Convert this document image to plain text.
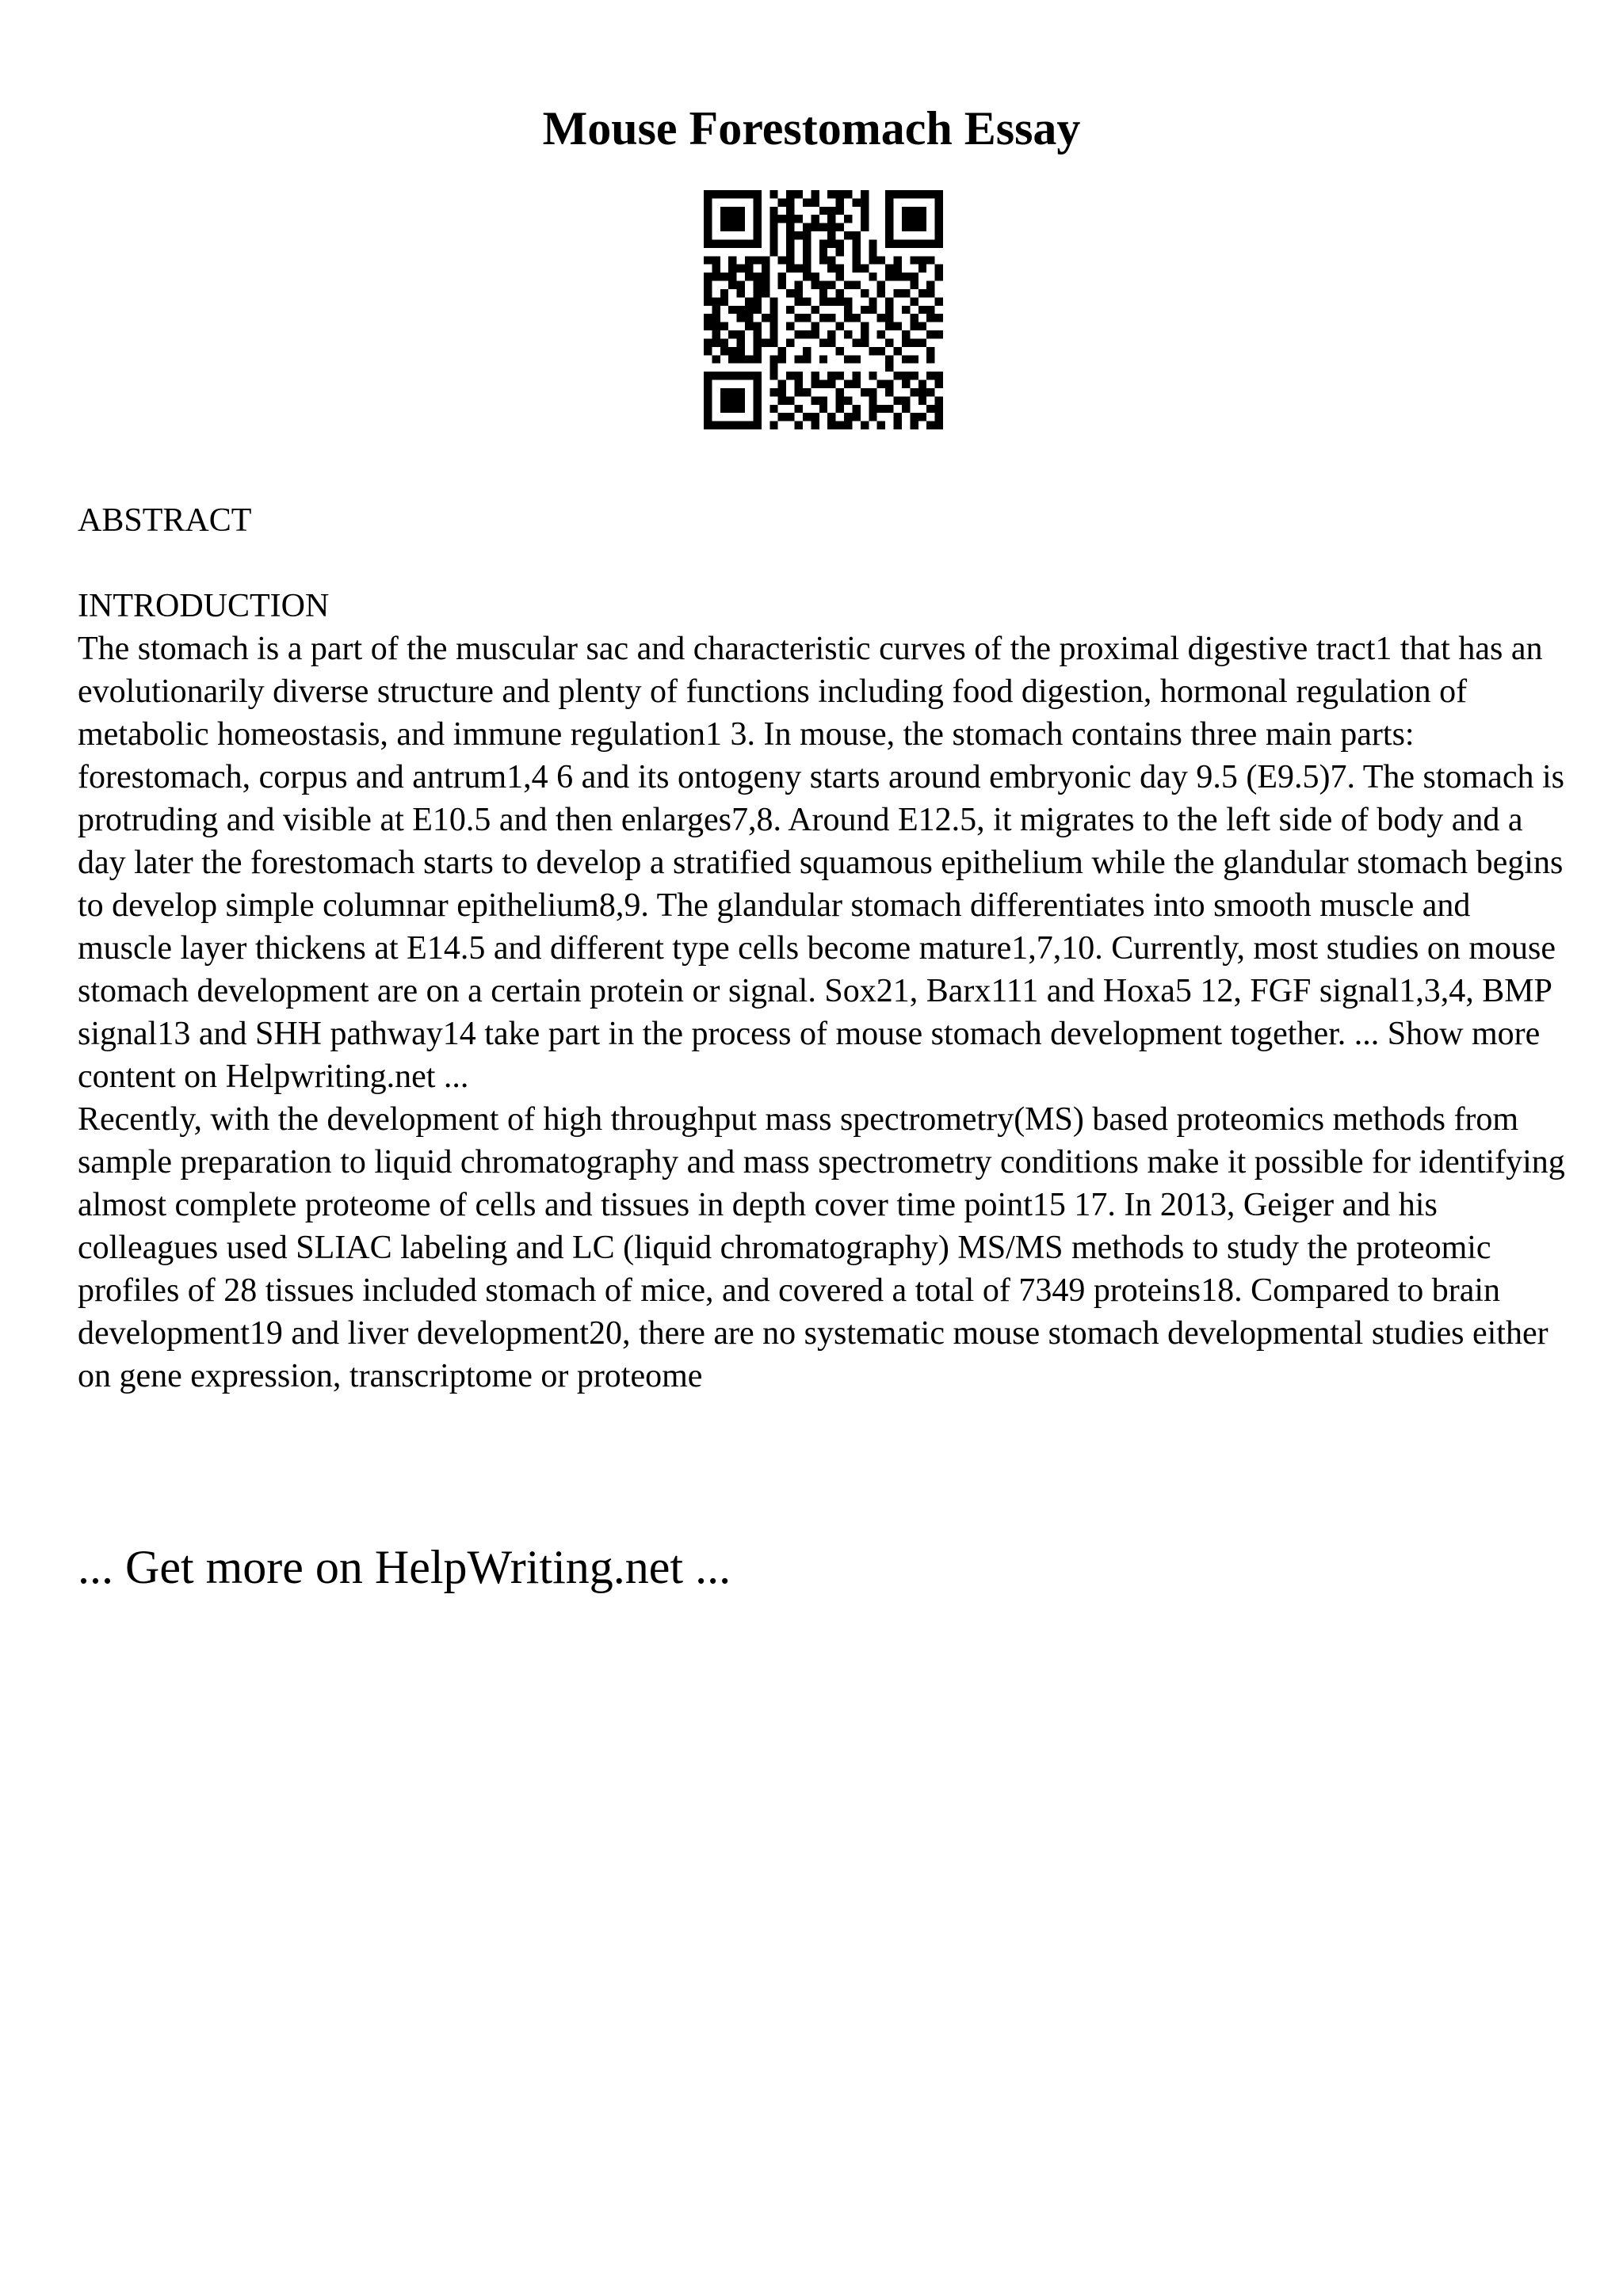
Mouse Forestomach Essay

ABSTRACT

INTRODUCTION

The stomach is a part of the muscular sac and characteristic curves of the proximal digestive tract1 that has an evolutionarily diverse structure and plenty of functions including food digestion, hormonal regulation of metabolic homeostasis, and immune regulation1 3. In mouse, the stomach contains three main parts: forestomach, corpus and antrum1,4 6 and its ontogeny starts around embryonic day 9.5 (E9.5)7. The stomach is protruding and visible at E10.5 and then enlarges7,8. Around E12.5, it migrates to the left side of body and a day later the forestomach starts to develop a stratified squamous epithelium while the glandular stomach begins to develop simple columnar epithelium8,9. The glandular stomach differentiates into smooth muscle and muscle layer thickens at E14.5 and different type cells become mature1,7,10. Currently, most studies on mouse stomach development are on a certain protein or signal. Sox21, Barx111 and Hoxa5 12, FGF signal1,3,4, BMP signal13 and SHH pathway14 take part in the process of mouse stomach development together. ... Show more content on Helpwriting.net ...

Recently, with the development of high throughput mass spectrometry(MS) based proteomics methods from sample preparation to liquid chromatography and mass spectrometry conditions make it possible for identifying almost complete proteome of cells and tissues in depth cover time point15 17. In 2013, Geiger and his colleagues used SLIAC labeling and LC (liquid chromatography) MS/MS methods to study the proteomic profiles of 28 tissues included stomach of mice, and covered a total of 7349 proteins18. Compared to brain development19 and liver development20, there are no systematic mouse stomach developmental studies either on gene expression, transcriptome or proteome

... Get more on HelpWriting.net ...
